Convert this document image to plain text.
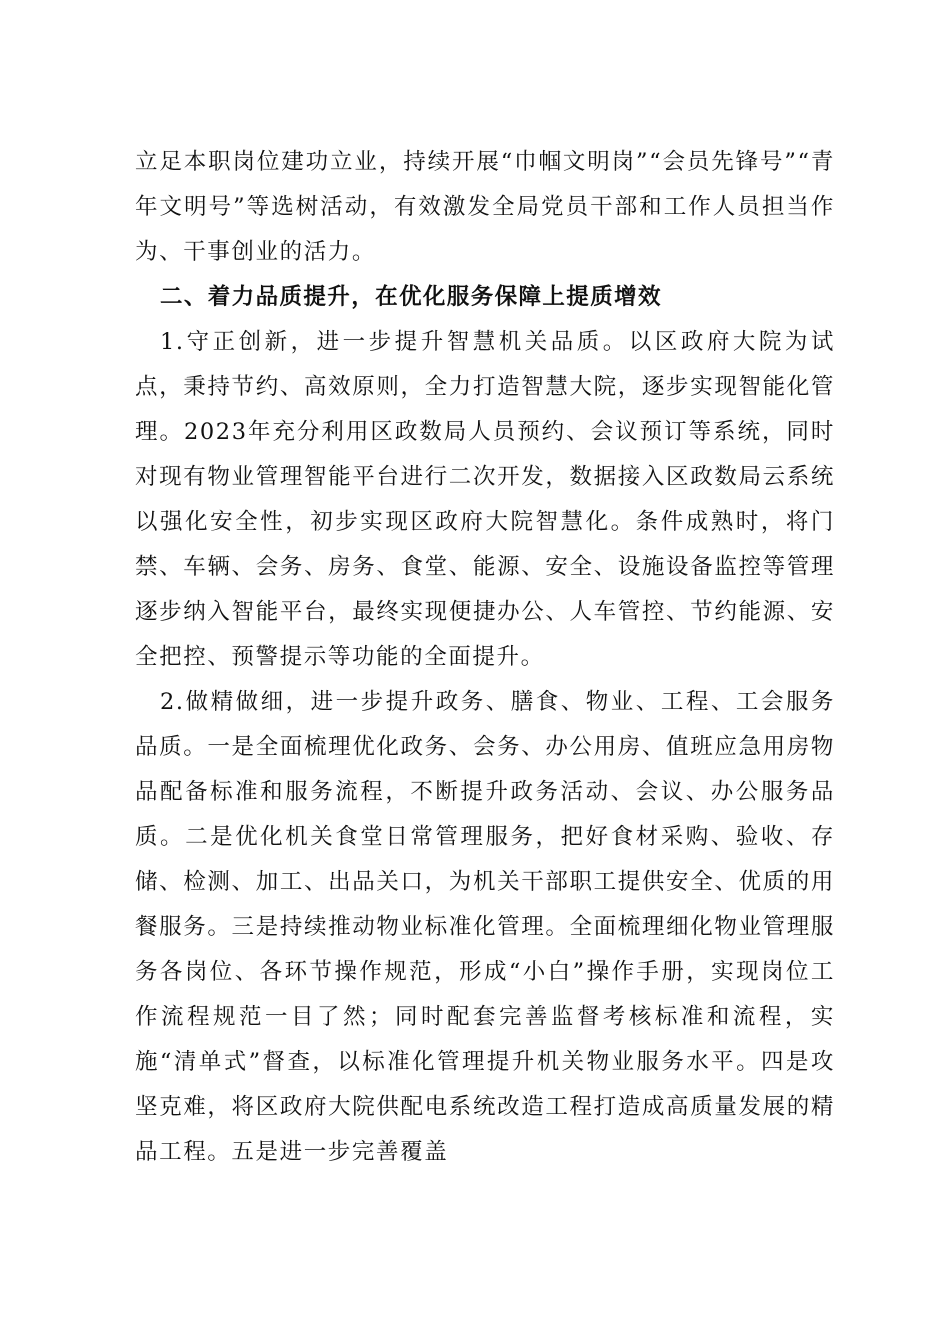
立足本职岗位建功立业，持续开展“巾帼文明岗”“会员先锋号”“青年文明号”等选树活动，有效激发全局党员干部和工作人员担当作为、干事创业的活力。

二、着力品质提升，在优化服务保障上提质增效

1.守正创新，进一步提升智慧机关品质。以区政府大院为试点，秉持节约、高效原则，全力打造智慧大院，逐步实现智能化管理。2023年充分利用区政数局人员预约、会议预订等系统，同时对现有物业管理智能平台进行二次开发，数据接入区政数局云系统以强化安全性，初步实现区政府大院智慧化。条件成熟时，将门禁、车辆、会务、房务、食堂、能源、安全、设施设备监控等管理逐步纳入智能平台，最终实现便捷办公、人车管控、节约能源、安全把控、预警提示等功能的全面提升。

2.做精做细，进一步提升政务、膳食、物业、工程、工会服务品质。一是全面梳理优化政务、会务、办公用房、值班应急用房物品配备标准和服务流程，不断提升政务活动、会议、办公服务品质。二是优化机关食堂日常管理服务，把好食材采购、验收、存储、检测、加工、出品关口，为机关干部职工提供安全、优质的用餐服务。三是持续推动物业标准化管理。全面梳理细化物业管理服务各岗位、各环节操作规范，形成“小白”操作手册，实现岗位工作流程规范一目了然；同时配套完善监督考核标准和流程，实施“清单式”督查，以标准化管理提升机关物业服务水平。四是攻坚克难，将区政府大院供配电系统改造工程打造成高质量发展的精品工程。五是进一步完善覆盖
